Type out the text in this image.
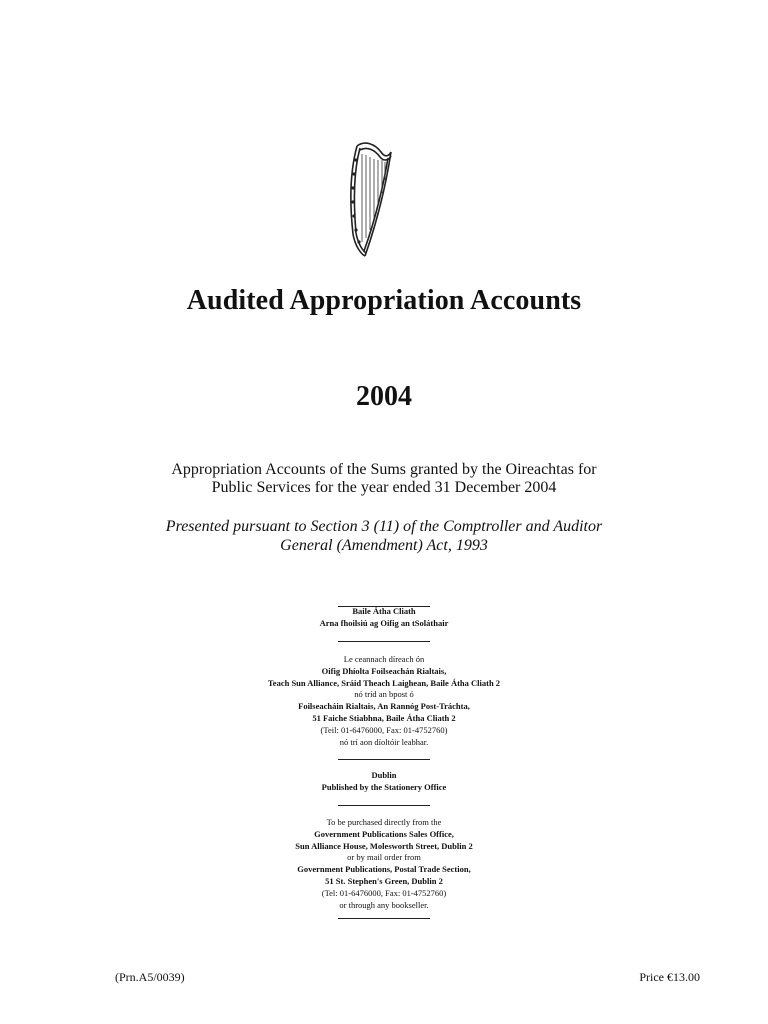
Audited Appropriation Accounts
2004
Appropriation Accounts of the Sums granted by the Oireachtas for
Public Services for the year ended 31 December 2004
Presented pursuant to Section 3 (11) of the Comptroller and Auditor
General (Amendment) Act, 1993
Baile Átha Cliath
Arna fhoilsiú ag Oifig an tSoláthair
Le ceannach díreach ón
Oifig Dhíolta Foilseachán Rialtais,
Teach Sun Alliance, Sráid Theach Laighean, Baile Átha Cliath 2
nó tríd an bpost ó
Foilseacháin Rialtais, An Rannóg Post-Tráchta,
51 Faiche Stiabhna, Baile Átha Cliath 2
(Teil: 01-6476000, Fax: 01-4752760)
nó trí aon díoltóir leabhar.
Dublin
Published by the Stationery Office
To be purchased directly from the
Government Publications Sales Office,
Sun Alliance House, Molesworth Street, Dublin 2
or by mail order from
Government Publications, Postal Trade Section,
51 St. Stephen's Green, Dublin 2
(Tel: 01-6476000, Fax: 01-4752760)
or through any bookseller.
(Prn.A5/0039)	Price €13.00
